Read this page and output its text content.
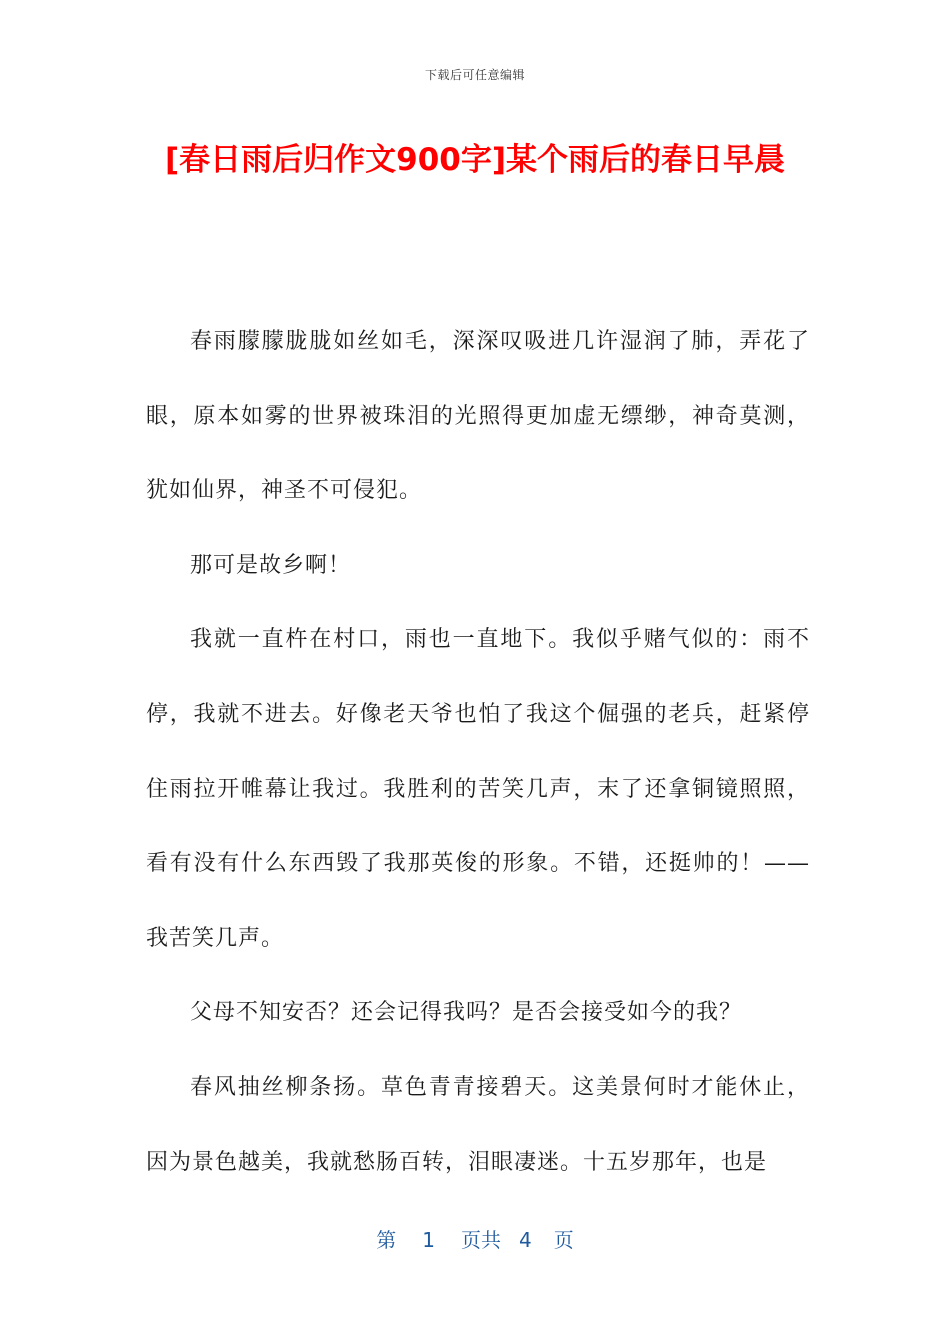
下载后可任意编辑
[春日雨后归作文900字]某个雨后的春日早晨

春雨朦朦胧胧如丝如毛，深深叹吸进几许湿润了肺，弄花了眼，原本如雾的世界被珠泪的光照得更加虚无缥缈，神奇莫测，犹如仙界，神圣不可侵犯。

那可是故乡啊！

我就一直杵在村口，雨也一直地下。我似乎赌气似的：雨不停，我就不进去。好像老天爷也怕了我这个倔强的老兵，赶紧停住雨拉开帷幕让我过。我胜利的苦笑几声，末了还拿铜镜照照，看有没有什么东西毁了我那英俊的形象。不错，还挺帅的！——我苦笑几声。

父母不知安否？还会记得我吗？是否会接受如今的我？

春风抽丝柳条扬。草色青青接碧天。这美景何时才能休止，因为景色越美，我就愁肠百转，泪眼凄迷。十五岁那年，也是

第 1 页共 4 页
